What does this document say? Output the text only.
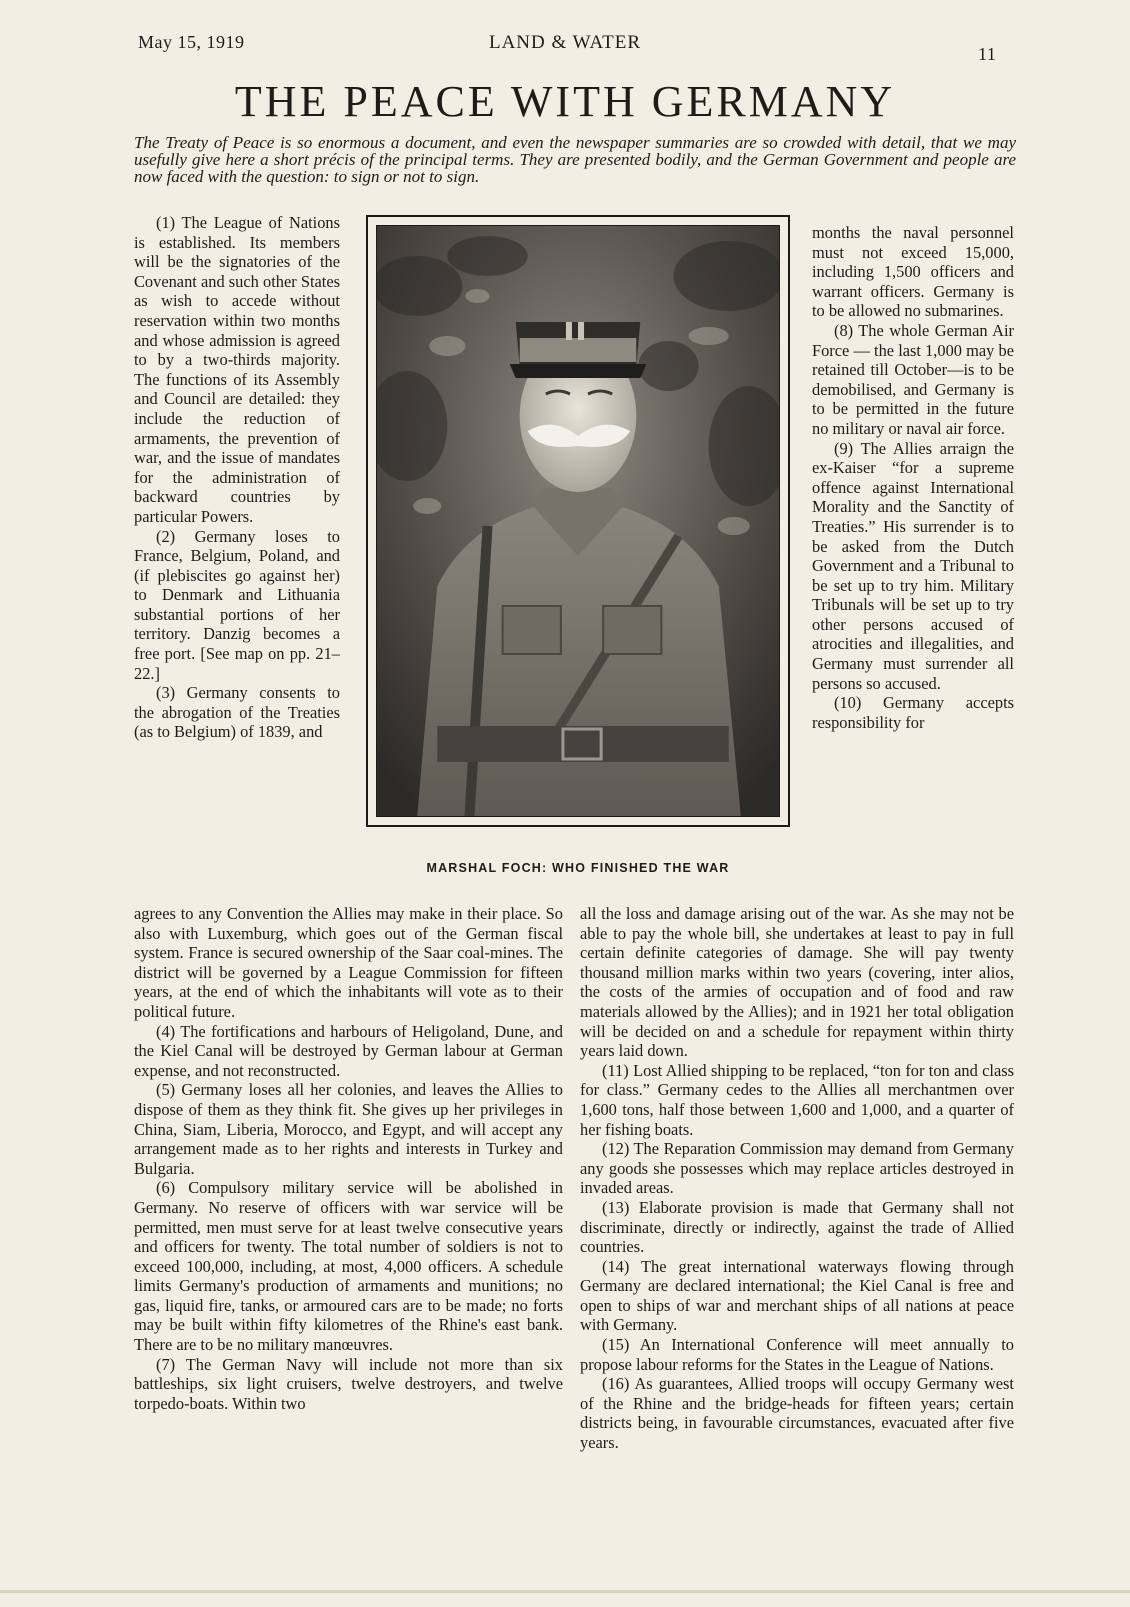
May 15, 1919	LAND & WATER
11
THE PEACE WITH GERMANY

The Treaty of Peace is so enormous a document, and even the newspaper summaries are so crowded with detail, that we may usefully give here a short précis of the principal terms. They are presented bodily, and the German Government and people are now faced with the question: to sign or not to sign.

(1) The League of Nations is established. Its members will be the signatories of the Covenant and such other States as wish to accede without reservation within two months and whose admission is agreed to by a two-thirds majority. The functions of its Assembly and Council are detailed: they include the reduction of armaments, the prevention of war, and the issue of mandates for the administration of backward countries by particular Powers.

(2) Germany loses to France, Belgium, Poland, and (if plebiscites go against her) to Denmark and Lithuania substantial portions of her territory. Danzig becomes a free port. [See map on pp. 21–22.]

(3) Germany consents to the abrogation of the Treaties (as to Belgium) of 1839, and

MARSHAL FOCH: WHO FINISHED THE WAR

months the naval personnel must not exceed 15,000, including 1,500 officers and warrant officers. Germany is to be allowed no submarines.

(8) The whole German Air Force — the last 1,000 may be retained till October—is to be demobilised, and Germany is to be permitted in the future no military or naval air force.

(9) The Allies arraign the ex-Kaiser “for a supreme offence against International Morality and the Sanctity of Treaties.” His surrender is to be asked from the Dutch Government and a Tribunal to be set up to try him. Military Tribunals will be set up to try other persons accused of atrocities and illegalities, and Germany must surrender all persons so accused.

(10) Germany accepts responsibility for

agrees to any Convention the Allies may make in their place. So also with Luxemburg, which goes out of the German fiscal system. France is secured ownership of the Saar coal-mines. The district will be governed by a League Commission for fifteen years, at the end of which the inhabitants will vote as to their political future.

(4) The fortifications and harbours of Heligoland, Dune, and the Kiel Canal will be destroyed by German labour at German expense, and not reconstructed.

(5) Germany loses all her colonies, and leaves the Allies to dispose of them as they think fit. She gives up her privileges in China, Siam, Liberia, Morocco, and Egypt, and will accept any arrangement made as to her rights and interests in Turkey and Bulgaria.

(6) Compulsory military service will be abolished in Germany. No reserve of officers with war service will be permitted, men must serve for at least twelve consecutive years and officers for twenty. The total number of soldiers is not to exceed 100,000, including, at most, 4,000 officers. A schedule limits Germany's production of armaments and munitions; no gas, liquid fire, tanks, or armoured cars are to be made; no forts may be built within fifty kilometres of the Rhine's east bank. There are to be no military manœuvres.

(7) The German Navy will include not more than six battleships, six light cruisers, twelve destroyers, and twelve torpedo-boats. Within two

all the loss and damage arising out of the war. As she may not be able to pay the whole bill, she undertakes at least to pay in full certain definite categories of damage. She will pay twenty thousand million marks within two years (covering, inter alios, the costs of the armies of occupation and of food and raw materials allowed by the Allies); and in 1921 her total obligation will be decided on and a schedule for repayment within thirty years laid down.

(11) Lost Allied shipping to be replaced, “ton for ton and class for class.” Germany cedes to the Allies all merchantmen over 1,600 tons, half those between 1,600 and 1,000, and a quarter of her fishing boats.

(12) The Reparation Commission may demand from Germany any goods she possesses which may replace articles destroyed in invaded areas.

(13) Elaborate provision is made that Germany shall not discriminate, directly or indirectly, against the trade of Allied countries.

(14) The great international waterways flowing through Germany are declared international; the Kiel Canal is free and open to ships of war and merchant ships of all nations at peace with Germany.

(15) An International Conference will meet annually to propose labour reforms for the States in the League of Nations.

(16) As guarantees, Allied troops will occupy Germany west of the Rhine and the bridge-heads for fifteen years; certain districts being, in favourable circumstances, evacuated after five years.
